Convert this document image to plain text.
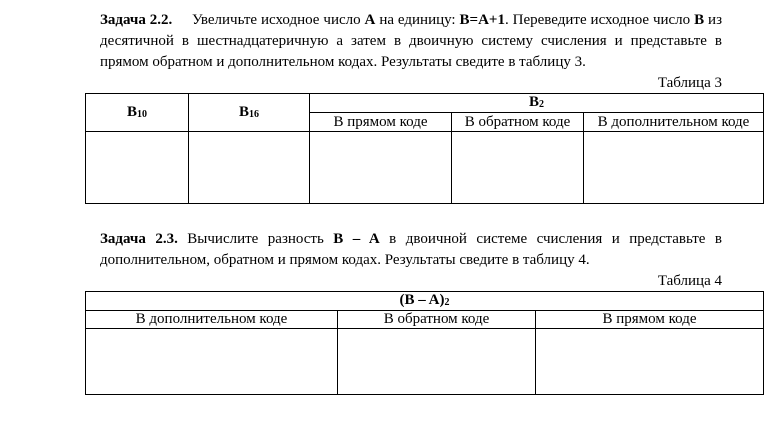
Задача 2.2. Увеличьте исходное число A на единицу: B=A+1. Переведите исходное число B из десятичной в шестнадцатеричную а затем в двоичную систему счисления и представьте в прямом обратном и дополнительном кодах. Результаты сведите в таблицу 3.

Таблица 3
$B_{10}$	$B_{16}$	$B_2$
		В прямом коде	В обратном коде	В дополнительном коде

Задача 2.3. Вычислите разность B – A в двоичной системе счисления и представьте в дополнительном, обратном и прямом кодах. Результаты сведите в таблицу 4.

Таблица 4
$(B - A)_2$
В дополнительном коде	В обратном коде	В прямом коде
